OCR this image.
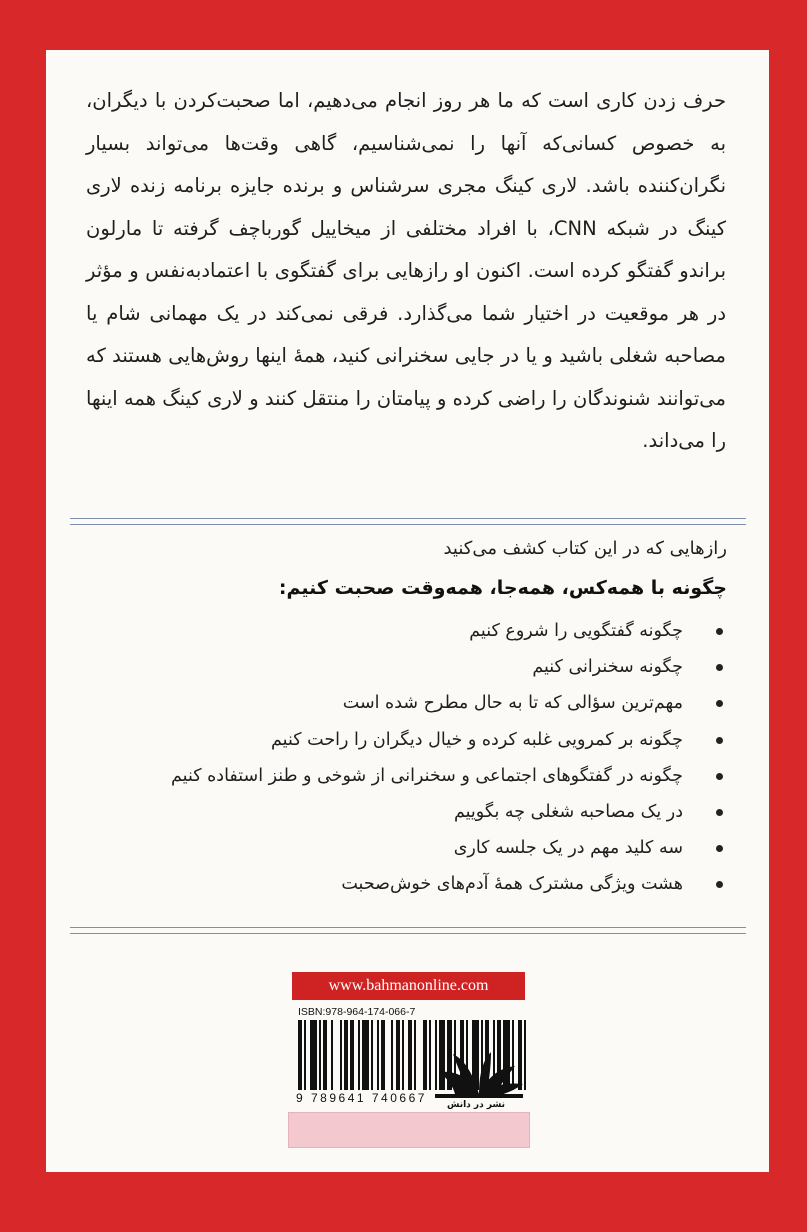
حرف زدن کاری است که ما هر روز انجام می‌دهیم، اما صحبت‌کردن با دیگران، به خصوص کسانی‌که آنها را نمی‌شناسیم، گاهی وقت‌ها می‌تواند بسیار نگران‌کننده باشد. لاری کینگ مجری سرشناس و برنده جایزه برنامه زنده لاری کینگ در شبکه CNN، با افراد مختلفی از میخاییل گورباچف گرفته تا مارلون براندو گفتگو کرده است. اکنون او رازهایی برای گفتگوی با اعتمادبه‌نفس و مؤثر در هر موقعیت در اختیار شما می‌گذارد. فرقی نمی‌کند در یک مهمانی شام یا مصاحبه شغلی باشید و یا در جایی سخنرانی کنید، همهٔ اینها روش‌هایی هستند که می‌توانند شنوندگان را راضی کرده و پیامتان را منتقل کنند و لاری کینگ همه اینها را می‌داند.

رازهایی که در این کتاب کشف می‌کنید
چگونه با همه‌کس، همه‌جا، همه‌وقت صحبت کنیم:
چگونه گفتگویی را شروع کنیم
چگونه سخنرانی کنیم
مهم‌ترین سؤالی که تا به حال مطرح شده است
چگونه بر کمرویی غلبه کرده و خیال دیگران را راحت کنیم
چگونه در گفتگوهای اجتماعی و سخنرانی از شوخی و طنز استفاده کنیم
در یک مصاحبه شغلی چه بگوییم
سه کلید مهم در یک جلسه کاری
هشت ویژگی مشترک همهٔ آدم‌های خوش‌صحبت
www.bahmanonline.com
ISBN:978-964-174-066-7
9 789641 740667	نشر در دانش
